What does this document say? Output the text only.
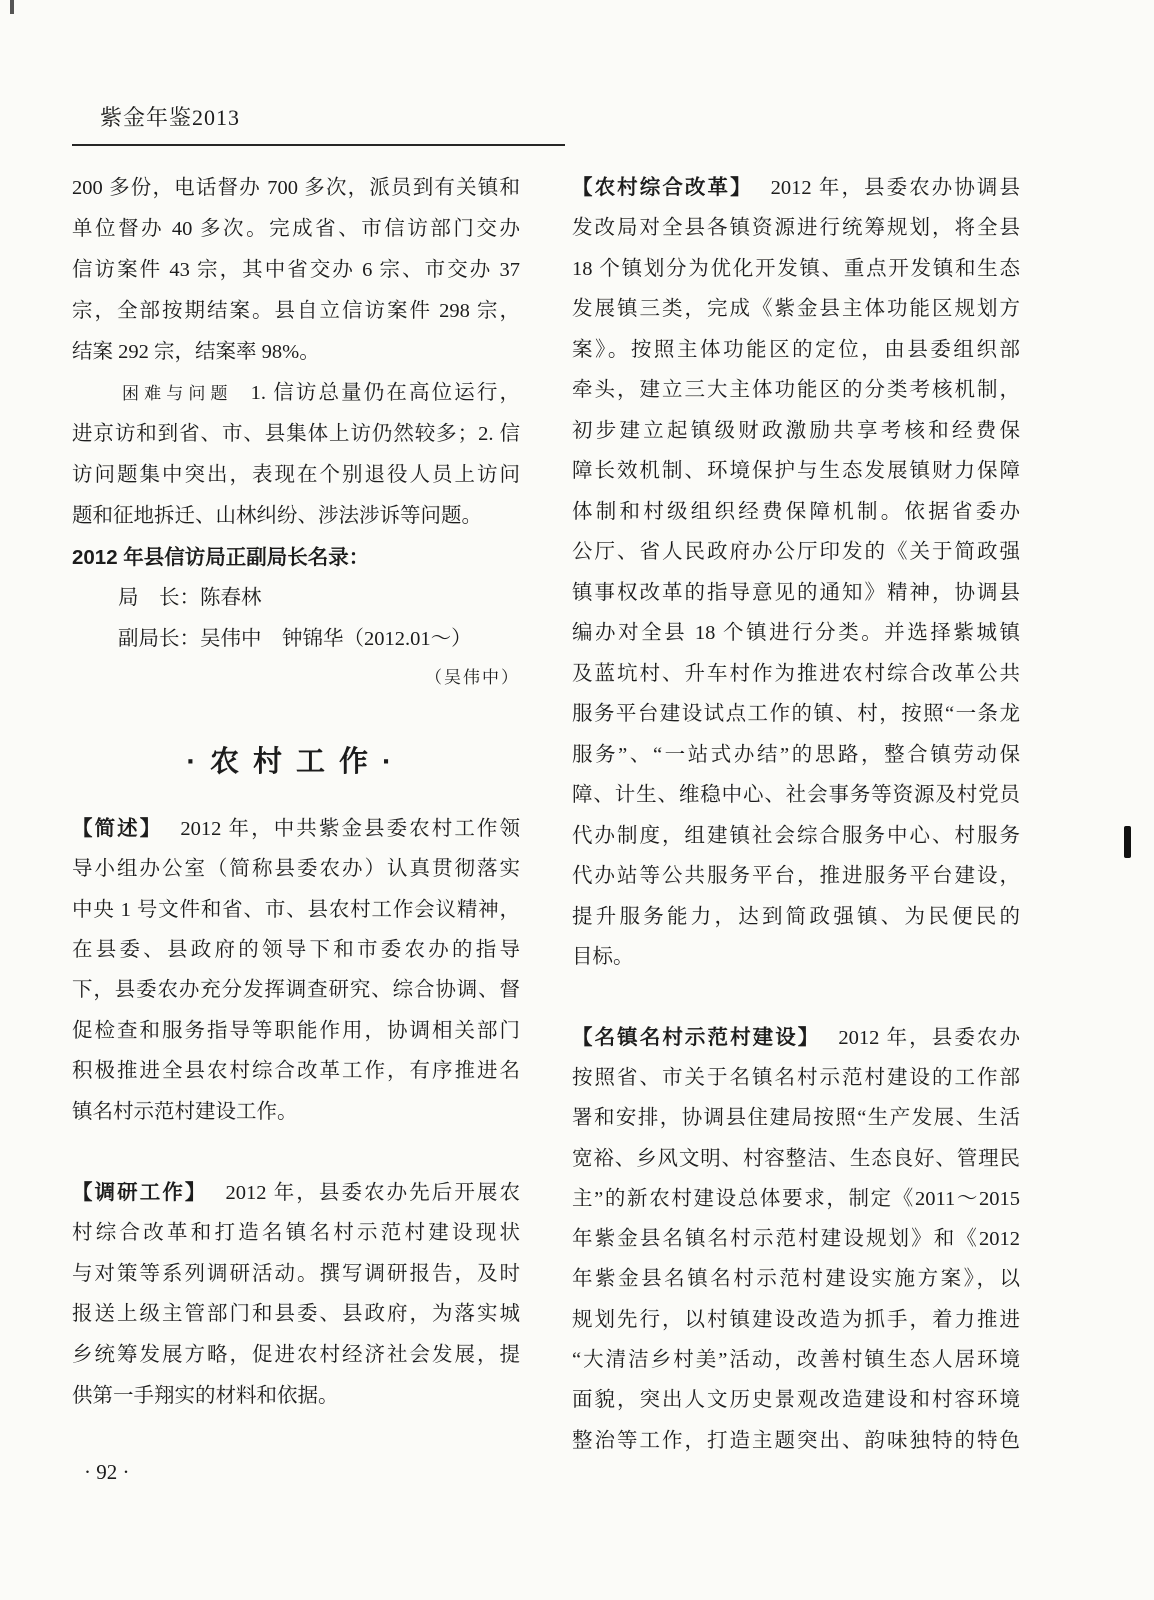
紫金年鉴2013
200 多份，电话督办 700 多次，派员到有关镇和
单位督办 40 多次。完成省、市信访部门交办
信访案件 43 宗，其中省交办 6 宗、市交办 37
宗，全部按期结案。县自立信访案件 298 宗，
结案 292 宗，结案率 98%。
困难与问题 1. 信访总量仍在高位运行，
进京访和到省、市、县集体上访仍然较多；2. 信
访问题集中突出，表现在个别退役人员上访问
题和征地拆迁、山林纠纷、涉法涉诉等问题。
2012 年县信访局正副局长名录：
局　长：陈春林
副局长：吴伟中　钟锦华（2012.01～）
（吴伟中）
·农村工作·
【简述】 2012 年，中共紫金县委农村工作领
导小组办公室（简称县委农办）认真贯彻落实
中央 1 号文件和省、市、县农村工作会议精神，
在县委、县政府的领导下和市委农办的指导
下，县委农办充分发挥调查研究、综合协调、督
促检查和服务指导等职能作用，协调相关部门
积极推进全县农村综合改革工作，有序推进名
镇名村示范村建设工作。
【调研工作】 2012 年，县委农办先后开展农
村综合改革和打造名镇名村示范村建设现状
与对策等系列调研活动。撰写调研报告，及时
报送上级主管部门和县委、县政府，为落实城
乡统筹发展方略，促进农村经济社会发展，提
供第一手翔实的材料和依据。
· 92 ·
【农村综合改革】 2012 年，县委农办协调县
发改局对全县各镇资源进行统筹规划，将全县
18 个镇划分为优化开发镇、重点开发镇和生态
发展镇三类，完成《紫金县主体功能区规划方
案》。按照主体功能区的定位，由县委组织部
牵头，建立三大主体功能区的分类考核机制，
初步建立起镇级财政激励共享考核和经费保
障长效机制、环境保护与生态发展镇财力保障
体制和村级组织经费保障机制。依据省委办
公厅、省人民政府办公厅印发的《关于简政强
镇事权改革的指导意见的通知》精神，协调县
编办对全县 18 个镇进行分类。并选择紫城镇
及蓝坑村、升车村作为推进农村综合改革公共
服务平台建设试点工作的镇、村，按照“一条龙
服务”、“一站式办结”的思路，整合镇劳动保
障、计生、维稳中心、社会事务等资源及村党员
代办制度，组建镇社会综合服务中心、村服务
代办站等公共服务平台，推进服务平台建设，
提升服务能力，达到简政强镇、为民便民的
目标。
【名镇名村示范村建设】 2012 年，县委农办
按照省、市关于名镇名村示范村建设的工作部
署和安排，协调县住建局按照“生产发展、生活
宽裕、乡风文明、村容整洁、生态良好、管理民
主”的新农村建设总体要求，制定《2011～2015
年紫金县名镇名村示范村建设规划》和《2012
年紫金县名镇名村示范村建设实施方案》，以
规划先行，以村镇建设改造为抓手，着力推进
“大清洁乡村美”活动，改善村镇生态人居环境
面貌，突出人文历史景观改造建设和村容环境
整治等工作，打造主题突出、韵味独特的特色
